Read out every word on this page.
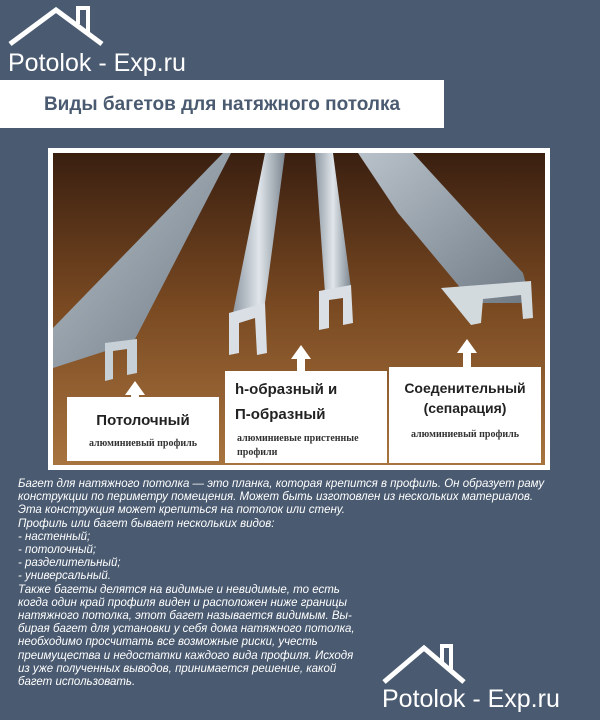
Potolok - Exp.ru
Виды багетов для натяжного потолка
Потолочный
алюминиевый профиль
h-образный и
П-образный
алюминиевые пристенные
профили
Соеденительный
(сепарация)
алюминиевый профиль

Багет для натяжного потолка — это планка, которая крепится в профиль. Он образует раму

конструкции по периметру помещения. Может быть изготовлен из нескольких материалов.

Эта конструкция может крепиться на потолок или стену.

Профиль или багет бывает нескольких видов:

- настенный;

- потолочный;

- разделительный;

- универсальный.

Также багеты делятся на видимые и невидимые, то есть

когда один край профиля виден и расположен ниже границы

натяжного потолка, этот багет называется видимым. Вы-

бирая багет для установки у себя дома натяжного потолка,

необходимо просчитать все возможные риски, учесть

преимущества и недостатки каждого вида профиля. Исходя

из уже полученных выводов, принимается решение, какой

багет использовать.

Potolok - Exp.ru
